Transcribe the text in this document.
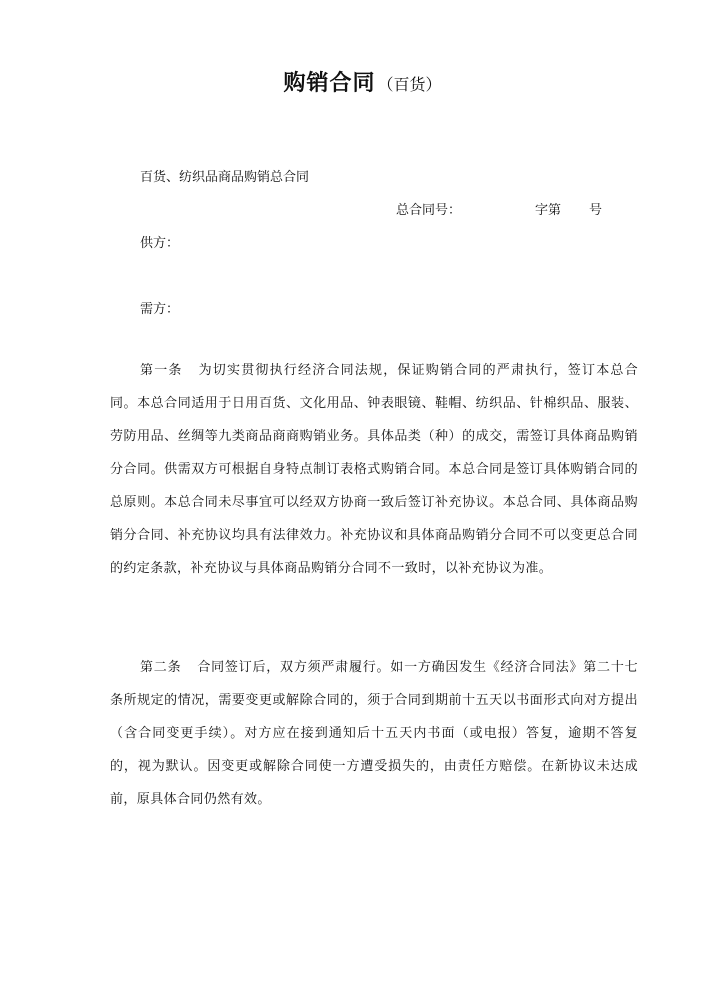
购销合同 （百货）
百货、纺织品商品购销总合同
总合同号：	字第 号
供方：
需方：
第一条 为切实贯彻执行经济合同法规，保证购销合同的严肃执行，签订本总合同。本总合同适用于日用百货、文化用品、钟表眼镜、鞋帽、纺织品、针棉织品、服装、劳防用品、丝绸等九类商品商商购销业务。具体品类（种）的成交，需签订具体商品购销分合同。供需双方可根据自身特点制订表格式购销合同。本总合同是签订具体购销合同的总原则。本总合同未尽事宜可以经双方协商一致后签订补充协议。本总合同、具体商品购销分合同、补充协议均具有法律效力。补充协议和具体商品购销分合同不可以变更总合同的约定条款，补充协议与具体商品购销分合同不一致时，以补充协议为准。
第二条 合同签订后，双方须严肃履行。如一方确因发生《经济合同法》第二十七条所规定的情况，需要变更或解除合同的，须于合同到期前十五天以书面形式向对方提出（含合同变更手续）。对方应在接到通知后十五天内书面（或电报）答复，逾期不答复的，视为默认。因变更或解除合同使一方遭受损失的，由责任方赔偿。在新协议未达成前，原具体合同仍然有效。
